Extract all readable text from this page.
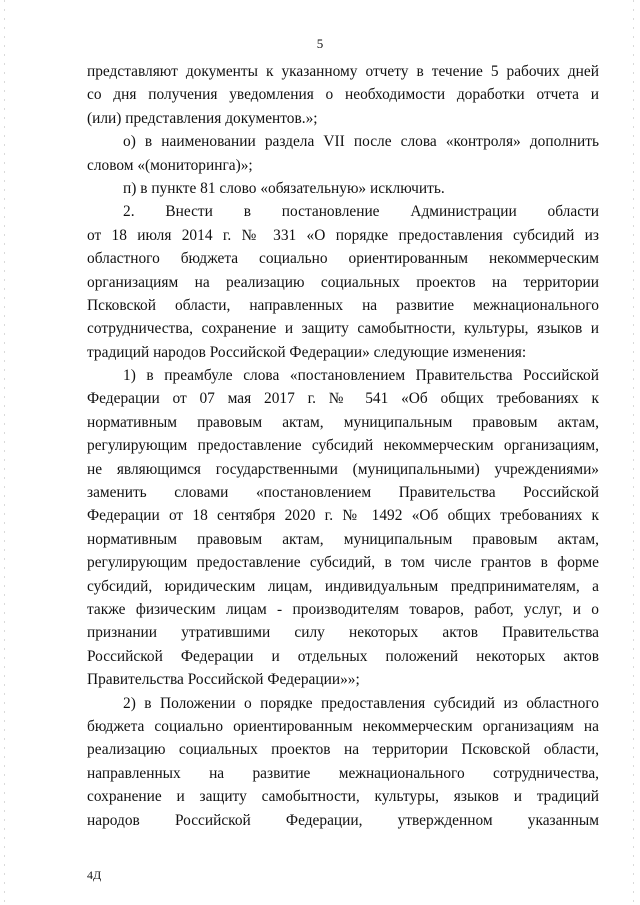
5
представляют документы к указанному отчету в течение 5 рабочих дней
со дня получения уведомления о необходимости доработки отчета и
(или) представления документов.»;
о) в наименовании раздела VII после слова «контроля» дополнить
словом «(мониторинга)»;
п) в пункте 81 слово «обязательную» исключить.
2. Внести в постановление Администрации области
от 18 июля 2014 г. № 331 «О порядке предоставления субсидий из
областного бюджета социально ориентированным некоммерческим
организациям на реализацию социальных проектов на территории
Псковской области, направленных на развитие межнационального
сотрудничества, сохранение и защиту самобытности, культуры, языков и
традиций народов Российской Федерации» следующие изменения:
1) в преамбуле слова «постановлением Правительства Российской
Федерации от 07 мая 2017 г. № 541 «Об общих требованиях к
нормативным правовым актам, муниципальным правовым актам,
регулирующим предоставление субсидий некоммерческим организациям,
не являющимся государственными (муниципальными) учреждениями»
заменить словами «постановлением Правительства Российской
Федерации от 18 сентября 2020 г. № 1492 «Об общих требованиях к
нормативным правовым актам, муниципальным правовым актам,
регулирующим предоставление субсидий, в том числе грантов в форме
субсидий, юридическим лицам, индивидуальным предпринимателям, а
также физическим лицам - производителям товаров, работ, услуг, и о
признании утратившими силу некоторых актов Правительства
Российской Федерации и отдельных положений некоторых актов
Правительства Российской Федерации»»;
2) в Положении о порядке предоставления субсидий из областного
бюджета социально ориентированным некоммерческим организациям на
реализацию социальных проектов на территории Псковской области,
направленных на развитие межнационального сотрудничества,
сохранение и защиту самобытности, культуры, языков и традиций
народов Российской Федерации, утвержденном указанным
4Д
